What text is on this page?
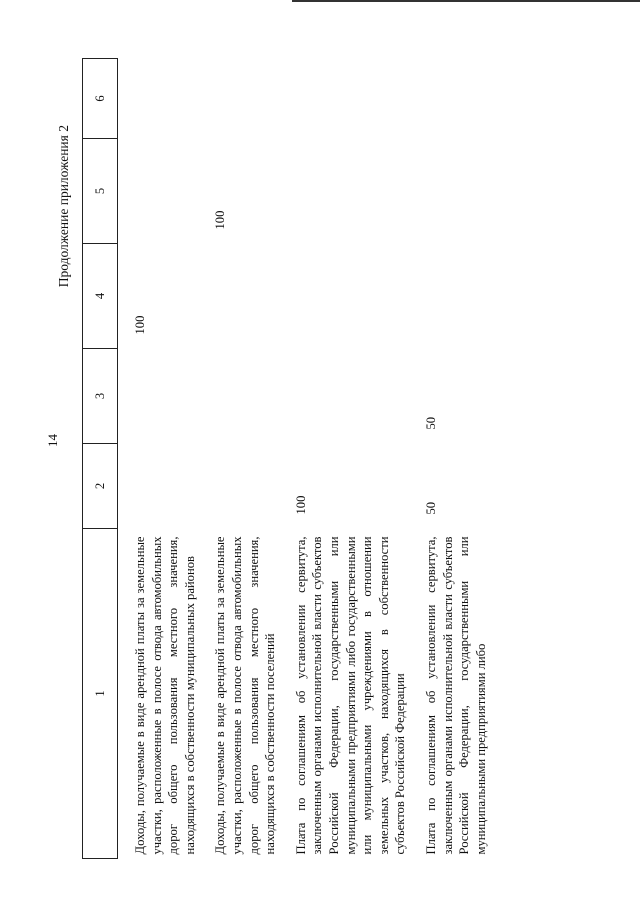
14
Продолжение приложения 2
1	2	3	4	5	6
Доходы, получаемые в виде арендной платы за земельные участки, расположенные в полосе отвода автомобильных дорог общего пользования местного значения, находящихся в собственности муниципальных районов			100		
Доходы, получаемые в виде арендной платы за земельные участки, расположенные в полосе отвода автомобильных дорог общего пользования местного значения, находящихся в собственности поселений				100	
Плата по соглашениям об установлении сервитута, заключенным органами исполнительной власти субъектов Российской Федерации, государственными или муниципальными предприятиями либо государственными или муниципальными учреждениями в отношении земельных участков, находящихся в собственности субъектов Российской Федерации	100				
Плата по соглашениям об установлении сервитута, заключенным органами исполнительной власти субъектов Российской Федерации, государственными или муниципальными предприятиями либо	50	50			
